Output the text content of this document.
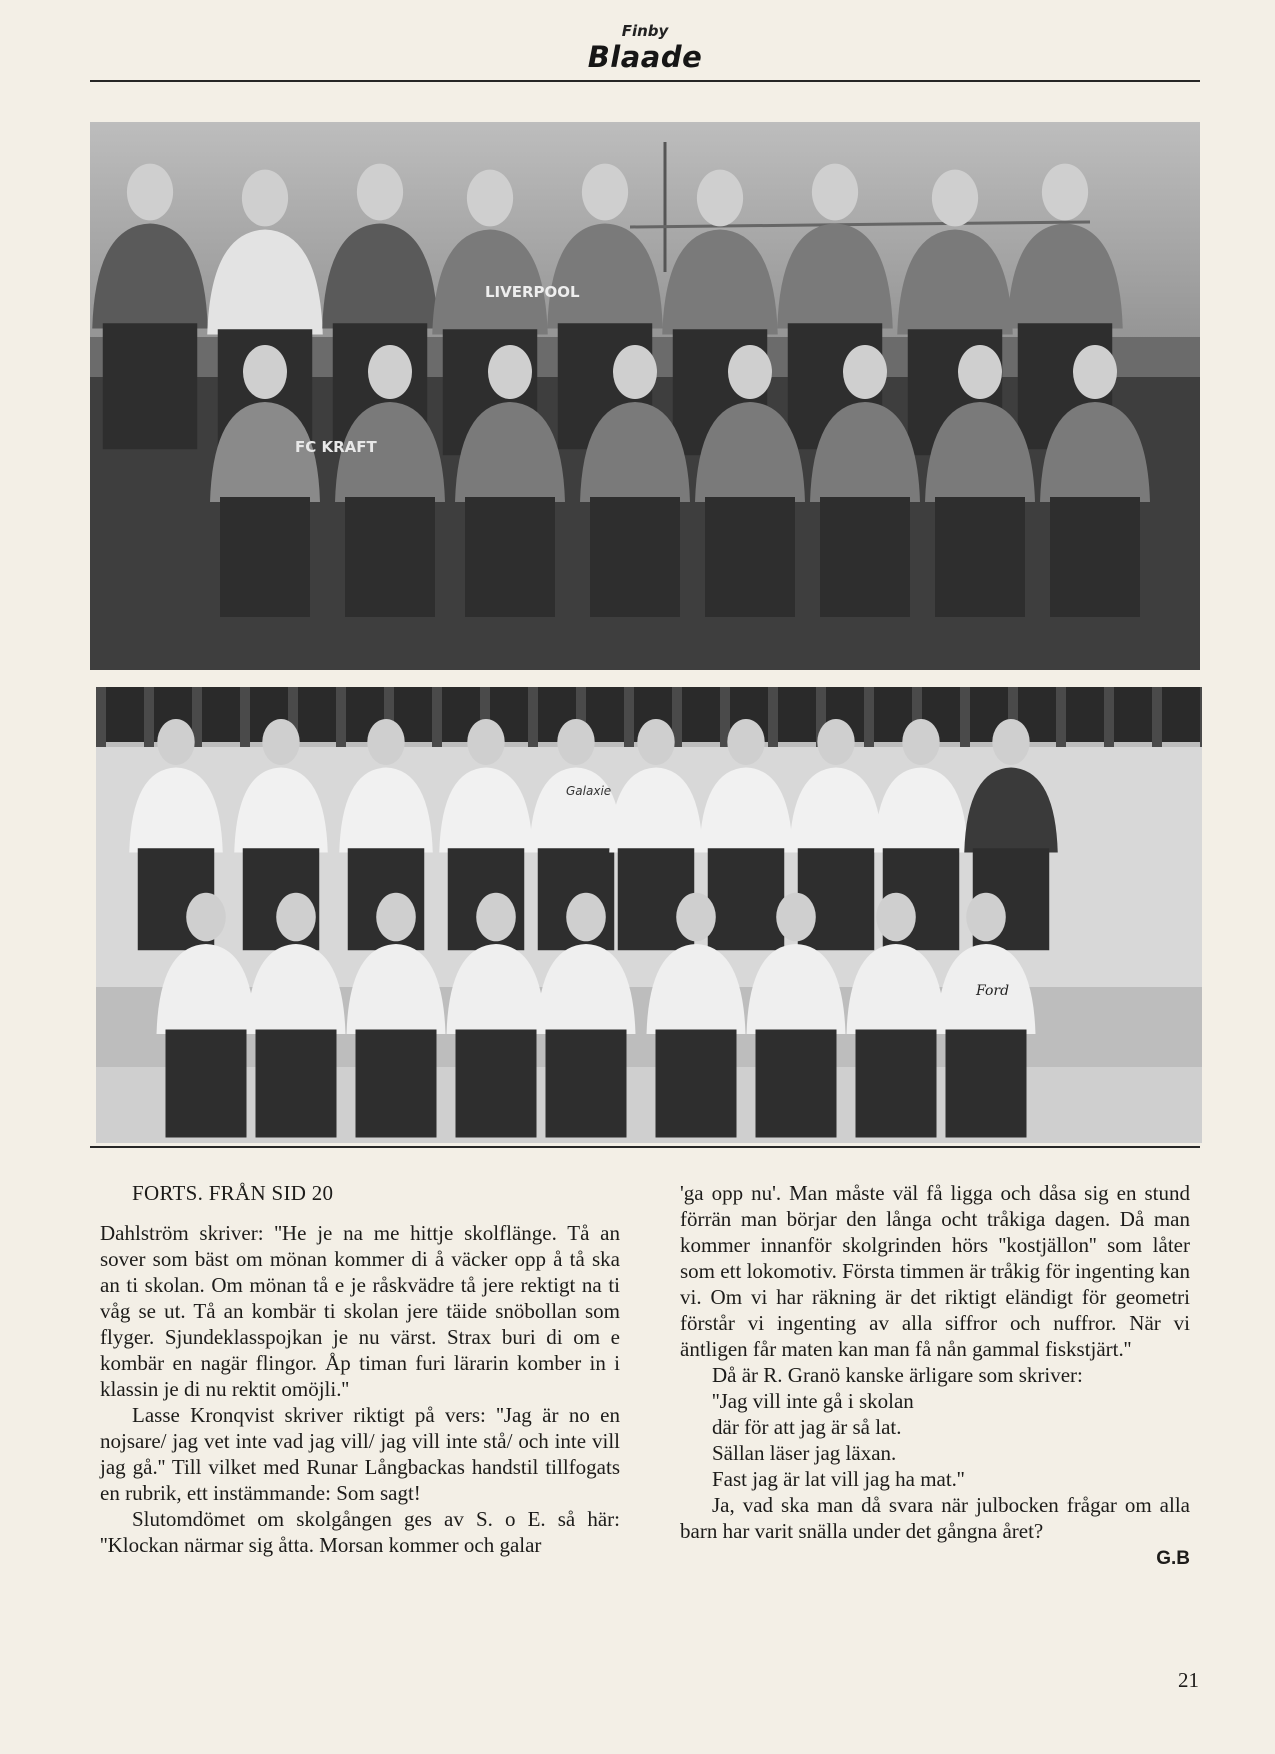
Finby
Blaade
FC KRAFT
LIVERPOOL
Galaxie
Ford

FORTS. FRÅN SID 20

Dahlström skriver: ''He je na me hittje skolflänge. Tå an sover som bäst om mönan kommer di å väcker opp å tå ska an ti skolan. Om mönan tå e je råskvädre tå jere rektigt na ti våg se ut. Tå an kombär ti skolan jere täide snöbollan som flyger. Sjundeklasspojkan je nu värst. Strax buri di om e kombär en nagär flingor. Åp timan furi lärarin komber in i klassin je di nu rektit omöjli.''

Lasse Kronqvist skriver riktigt på vers: ''Jag är no en nojsare/ jag vet inte vad jag vill/ jag vill inte stå/ och inte vill jag gå.'' Till vilket med Runar Långbackas handstil tillfogats en rubrik, ett instämmande: Som sagt!

Slutomdömet om skolgången ges av S. o E. så här: ''Klockan närmar sig åtta. Morsan kommer och galar

'ga opp nu'. Man måste väl få ligga och dåsa sig en stund förrän man börjar den långa ocht tråkiga dagen. Då man kommer innanför skolgrinden hörs ''kostjällon'' som låter som ett lokomotiv. Första timmen är tråkig för ingenting kan vi. Om vi har räkning är det riktigt eländigt för geometri förstår vi ingenting av alla siffror och nuffror. När vi äntligen får maten kan man få nån gammal fiskstjärt.''

Då är R. Granö kanske ärligare som skriver:

''Jag vill inte gå i skolan

där för att jag är så lat.

Sällan läser jag läxan.

Fast jag är lat vill jag ha mat.''

Ja, vad ska man då svara när julbocken frågar om alla barn har varit snälla under det gångna året?

G.B

21
